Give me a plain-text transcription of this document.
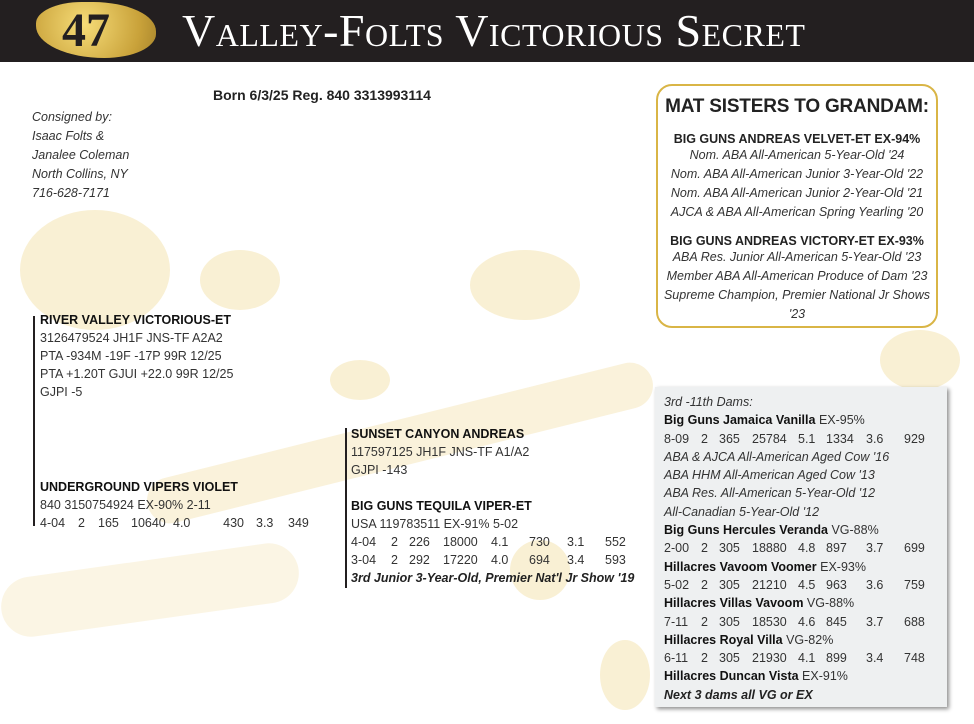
47 Valley-Folts Victorious Secret
Born 6/3/25 Reg. 840 3313993114
Consigned by:
Isaac Folts &
Janalee Coleman
North Collins, NY
716-628-7171
RIVER VALLEY VICTORIOUS-ET
3126479524 JH1F JNS-TF A2A2
PTA -934M -19F -17P 99R 12/25
PTA +1.20T GJUI +22.0 99R 12/25
GJPI -5
UNDERGROUND VIPERS VIOLET
840 3150754924 EX-90% 2-11
4-04	2	165 10640 4.0	430 3.3	349
SUNSET CANYON ANDREAS
117597125 JH1F JNS-TF A1/A2
GJPI -143
BIG GUNS TEQUILA VIPER-ET
USA 119783511 EX-91% 5-02
4-04	2 226	18000	4.1	730	3.1	552
3-04	2 292	17220	4.0	694	3.4	593
3rd Junior 3-Year-Old, Premier Nat'l Jr Show '19
MAT SISTERS TO GRANDAM:
BIG GUNS ANDREAS VELVET-ET EX-94%
Nom. ABA All-American 5-Year-Old '24
Nom. ABA All-American Junior 3-Year-Old '22
Nom. ABA All-American Junior 2-Year-Old '21
AJCA & ABA All-American Spring Yearling '20
BIG GUNS ANDREAS VICTORY-ET EX-93%
ABA Res. Junior All-American 5-Year-Old '23
Member ABA All-American Produce of Dam '23
Supreme Champion, Premier National Jr Shows '23
3rd -11th Dams:
Big Guns Jamaica Vanilla EX-95%
8-09 2 365 25784 5.1 1334 3.6 929
ABA & AJCA All-American Aged Cow '16
ABA HHM All-American Aged Cow '13
ABA Res. All-American 5-Year-Old '12
All-Canadian 5-Year-Old '12
Big Guns Hercules Veranda VG-88%
2-00 2 305 18880 4.8 897 3.7 699
Hillacres Vavoom Voomer EX-93%
5-02 2 305 21210 4.5 963 3.6 759
Hillacres Villas Vavoom VG-88%
7-11 2 305 18530 4.6 845 3.7 688
Hillacres Royal Villa VG-82%
6-11 2 305 21930 4.1 899 3.4 748
Hillacres Duncan Vista EX-91%
Next 3 dams all VG or EX
